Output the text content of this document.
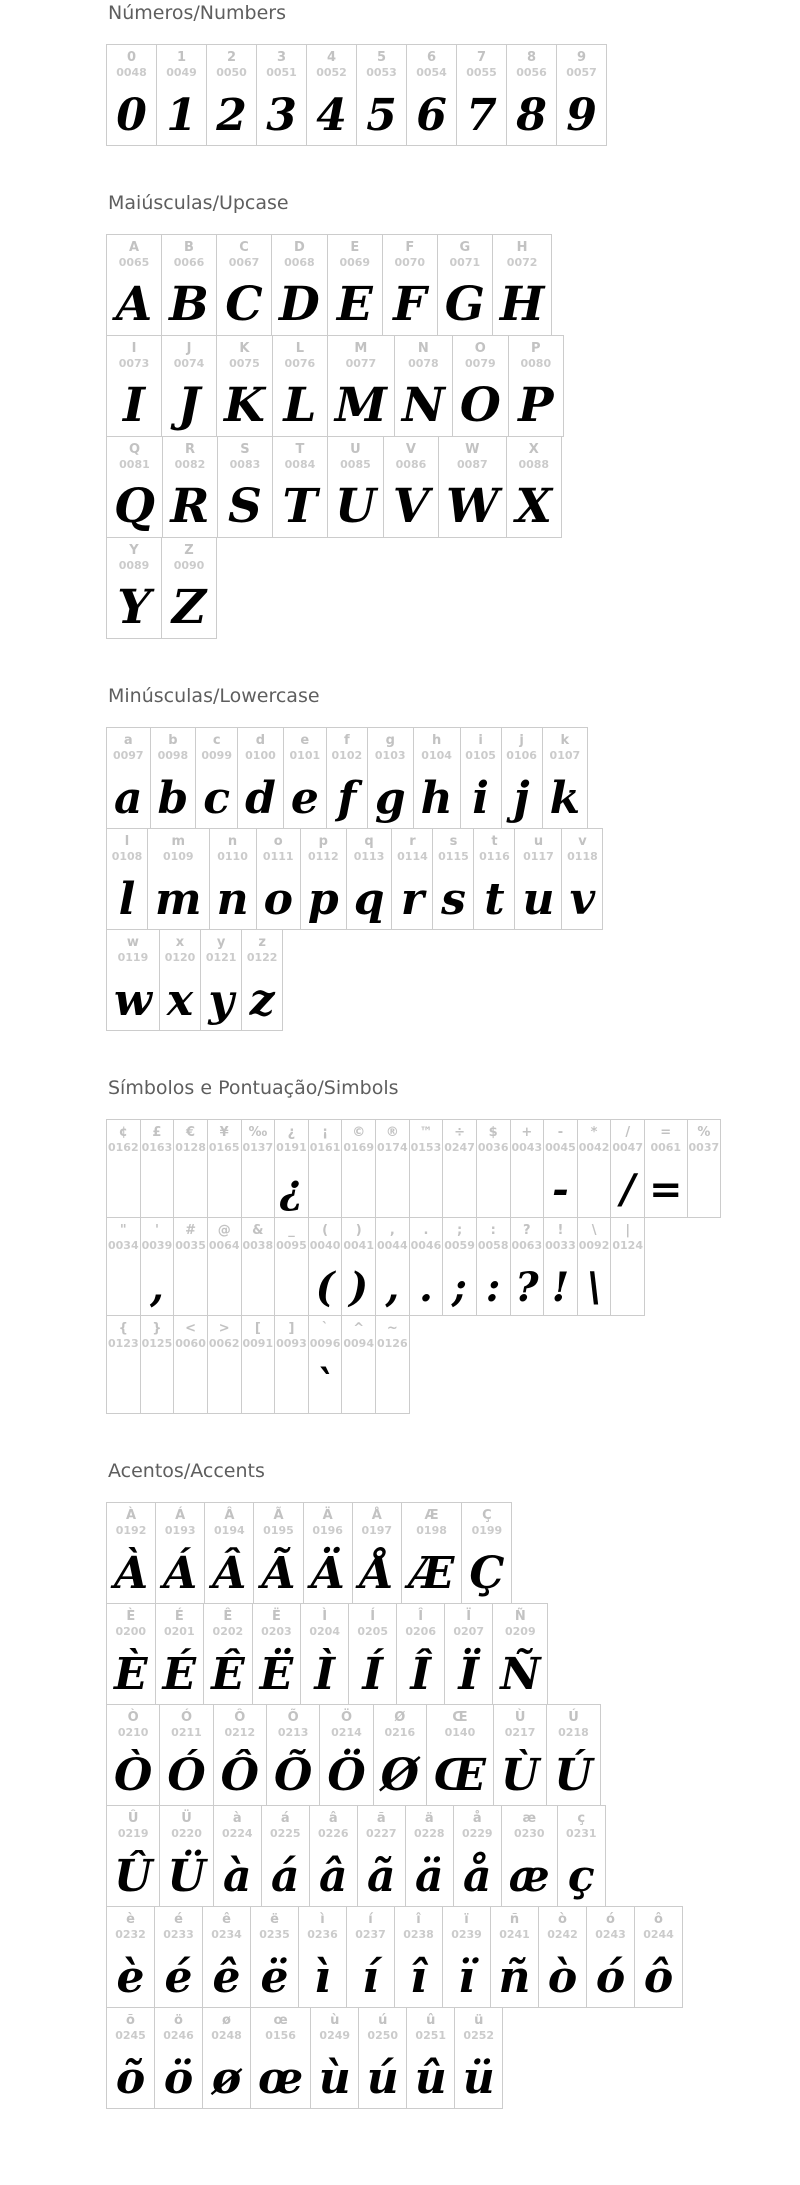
Números/Numbers
0
0048
0
1
0049
1
2
0050
2
3
0051
3
4
0052
4
5
0053
5
6
0054
6
7
0055
7
8
0056
8
9
0057
9
Maiúsculas/Upcase
A
0065
A
B
0066
B
C
0067
C
D
0068
D
E
0069
E
F
0070
F
G
0071
G
H
0072
H
I
0073
I
J
0074
J
K
0075
K
L
0076
L
M
0077
M
N
0078
N
O
0079
O
P
0080
P
Q
0081
Q
R
0082
R
S
0083
S
T
0084
T
U
0085
U
V
0086
V
W
0087
W
X
0088
X
Y
0089
Y
Z
0090
Z
Minúsculas/Lowercase
a
0097
a
b
0098
b
c
0099
c
d
0100
d
e
0101
e
f
0102
f
g
0103
g
h
0104
h
i
0105
i
j
0106
j
k
0107
k
l
0108
l
m
0109
m
n
0110
n
o
0111
o
p
0112
p
q
0113
q
r
0114
r
s
0115
s
t
0116
t
u
0117
u
v
0118
v
w
0119
w
x
0120
x
y
0121
y
z
0122
z
Símbolos e Pontuação/Simbols
¢
0162
£
0163
€
0128
¥
0165
‰
0137
¿
0191
¿
¡
0161
©
0169
®
0174
™
0153
÷
0247
$
0036
+
0043
-
0045
-
*
0042
/
0047
/
=
0061
=
%
0037
"
0034
'
0039
,
#
0035
@
0064
&
0038
_
0095
(
0040
(
)
0041
)
,
0044
,
.
0046
.
;
0059
;
:
0058
:
?
0063
?
!
0033
!
\
0092
\
|
0124
{
0123
}
0125
<
0060
>
0062
[
0091
]
0093
`
0096
`
^
0094
~
0126
Acentos/Accents
À
0192
À
Á
0193
Á
Â
0194
Â
Ã
0195
Ã
Ä
0196
Ä
Å
0197
Å
Æ
0198
Æ
Ç
0199
Ç
È
0200
È
É
0201
É
Ê
0202
Ê
Ë
0203
Ë
Ì
0204
Ì
Í
0205
Í
Î
0206
Î
Ï
0207
Ï
Ñ
0209
Ñ
Ò
0210
Ò
Ó
0211
Ó
Ô
0212
Ô
Õ
0213
Õ
Ö
0214
Ö
Ø
0216
Ø
Œ
0140
Œ
Ù
0217
Ù
Ú
0218
Ú
Û
0219
Û
Ü
0220
Ü
à
0224
à
á
0225
á
â
0226
â
ã
0227
ã
ä
0228
ä
å
0229
å
æ
0230
æ
ç
0231
ç
è
0232
è
é
0233
é
ê
0234
ê
ë
0235
ë
ì
0236
ì
í
0237
í
î
0238
î
ï
0239
ï
ñ
0241
ñ
ò
0242
ò
ó
0243
ó
ô
0244
ô
õ
0245
õ
ö
0246
ö
ø
0248
ø
œ
0156
œ
ù
0249
ù
ú
0250
ú
û
0251
û
ü
0252
ü
